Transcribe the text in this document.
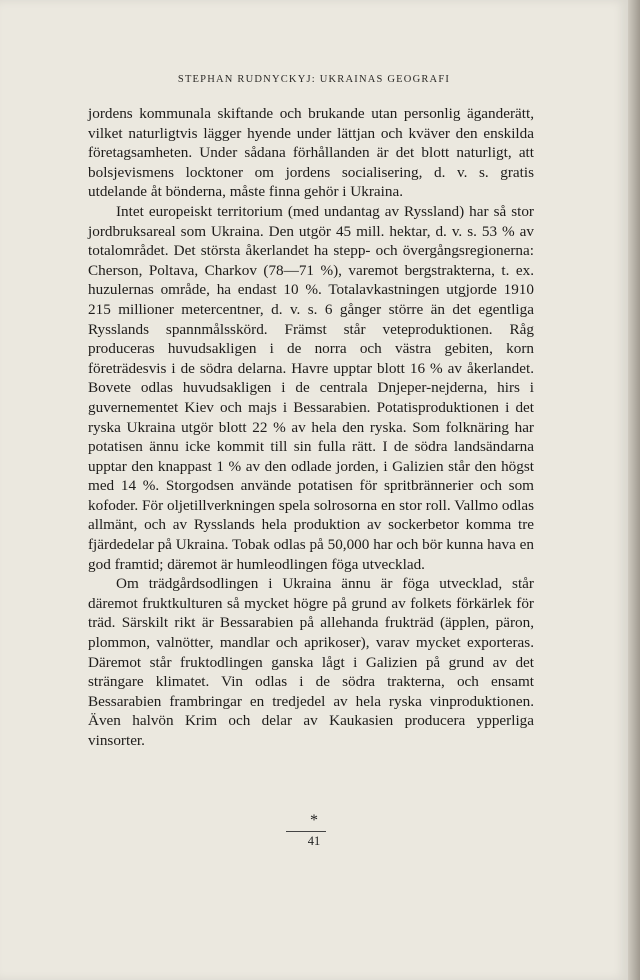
STEPHAN RUDNYCKYJ: UKRAINAS GEOGRAFI

jordens kommunala skiftande och brukande utan personlig äganderätt, vilket naturligtvis lägger hyende under lättjan och kväver den enskilda företagsamheten. Under sådana förhållanden är det blott naturligt, att bolsjevismens locktoner om jordens socialisering, d. v. s. gratis utdelande åt bönderna, måste finna gehör i Ukraina.

Intet europeiskt territorium (med undantag av Ryssland) har så stor jordbruksareal som Ukraina. Den utgör 45 mill. hektar, d. v. s. 53 % av totalområdet. Det största åkerlandet ha stepp- och övergångsregionerna: Cherson, Poltava, Charkov (78—71 %), varemot bergstrakterna, t. ex. huzulernas område, ha endast 10 %. Totalavkastningen utgjorde 1910 215 millioner metercentner, d. v. s. 6 gånger större än det egentliga Rysslands spannmålsskörd. Främst står veteproduktionen. Råg produceras huvudsakligen i de norra och västra gebiten, korn företrädesvis i de södra delarna. Havre upptar blott 16 % av åkerlandet. Bovete odlas huvudsakligen i de centrala Dnjeper-nejderna, hirs i guvernementet Kiev och majs i Bessarabien. Potatisproduktionen i det ryska Ukraina utgör blott 22 % av hela den ryska. Som folknäring har potatisen ännu icke kommit till sin fulla rätt. I de södra landsändarna upptar den knappast 1 % av den odlade jorden, i Galizien står den högst med 14 %. Storgodsen använde potatisen för spritbrännerier och som kofoder. För oljetillverkningen spela solrosorna en stor roll. Vallmo odlas allmänt, och av Rysslands hela produktion av sockerbetor komma tre fjärdedelar på Ukraina. Tobak odlas på 50,000 har och bör kunna hava en god framtid; däremot är humleodlingen föga utvecklad.

Om trädgårdsodlingen i Ukraina ännu är föga utvecklad, står däremot fruktkulturen så mycket högre på grund av folkets förkärlek för träd. Särskilt rikt är Bessarabien på allehanda frukträd (äpplen, päron, plommon, valnötter, mandlar och aprikoser), varav mycket exporteras. Däremot står fruktodlingen ganska lågt i Galizien på grund av det strängare klimatet. Vin odlas i de södra trakterna, och ensamt Bessarabien frambringar en tredjedel av hela ryska vinproduktionen. Även halvön Krim och delar av Kaukasien producera ypperliga vinsorter.

*
41
